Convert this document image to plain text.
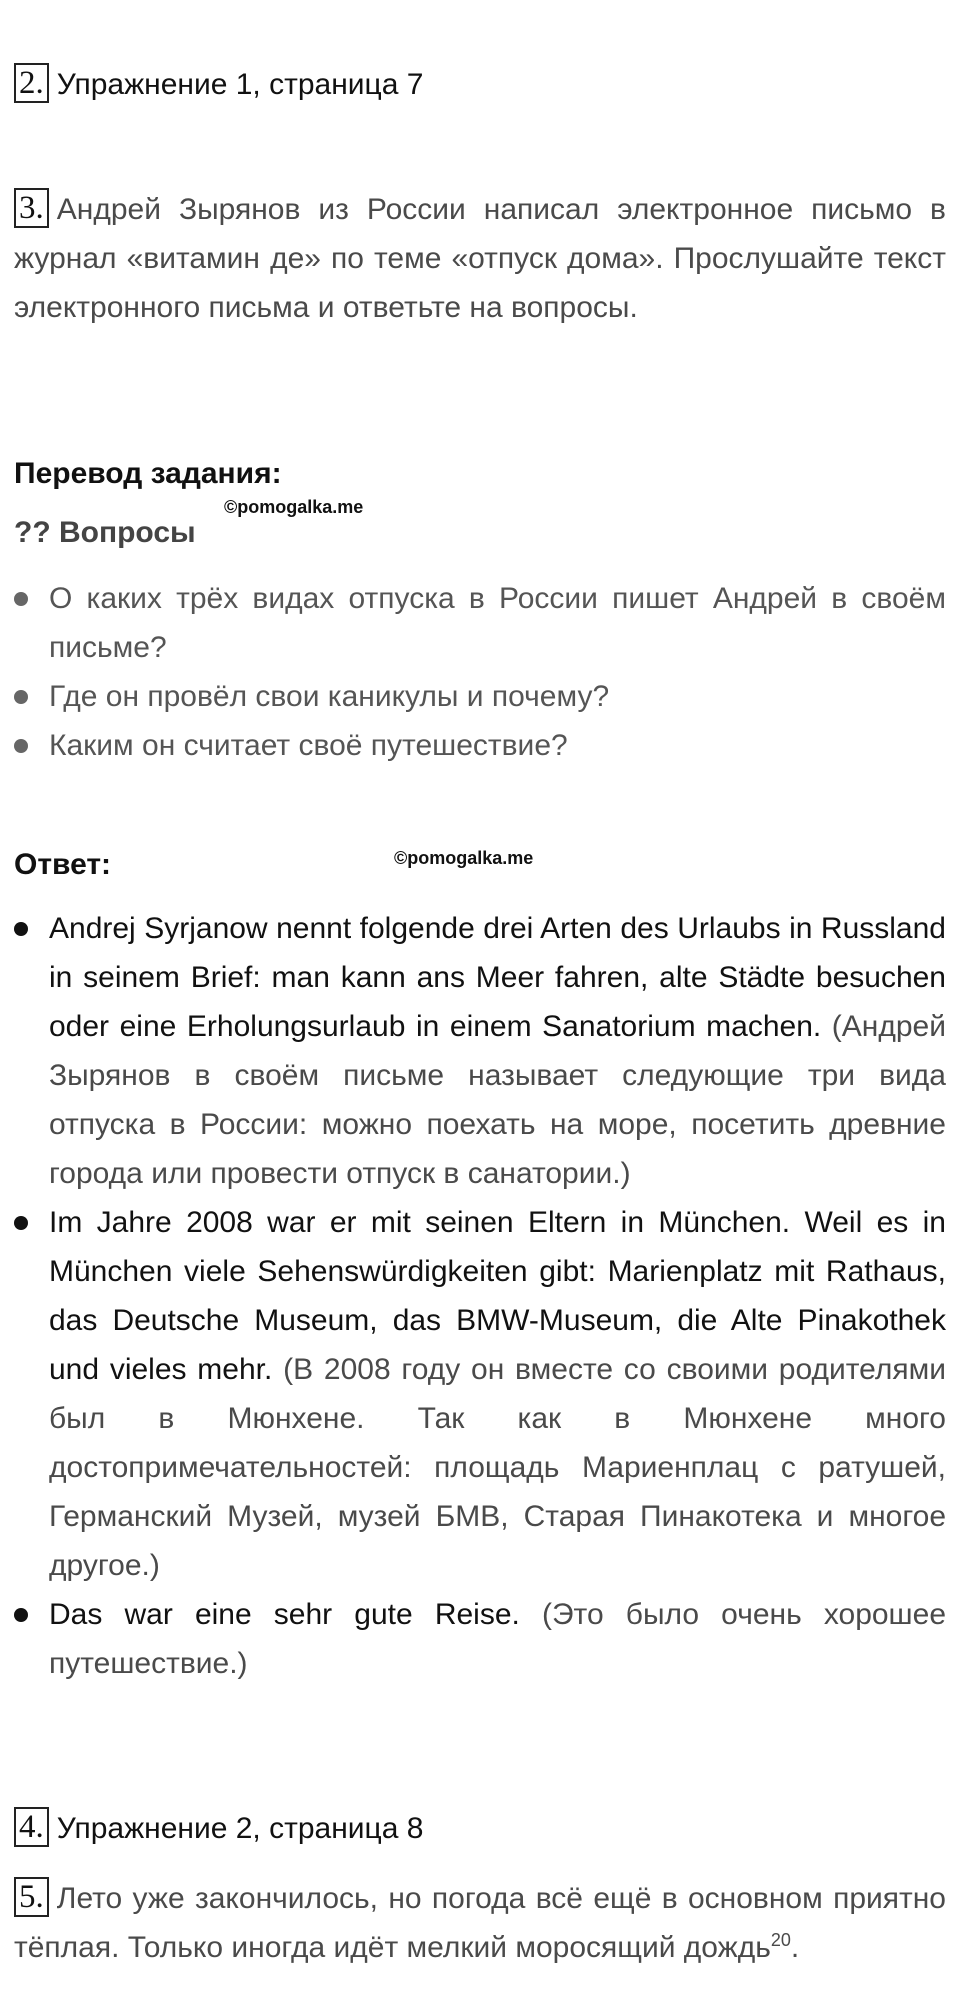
2. Упражнение 1, страница 7
3. Андрей Зырянов из России написал электронное письмо в журнал «витамин де» по теме «отпуск дома». Прослушайте текст электронного письма и ответьте на вопросы.
Перевод задания:
©pomogalka.me
?? Вопросы
О каких трёх видах отпуска в России пишет Андрей в своём письме?
Где он провёл свои каникулы и почему?
Каким он считает своё путешествие?
Ответ:	©pomogalka.me
Andrej Syrjanow nennt folgende drei Arten des Urlaubs in Russland in seinem Brief: man kann ans Meer fahren, alte Städte besuchen oder eine Erholungsurlaub in einem Sanatorium machen. (Андрей Зырянов в своём письме называет следующие три вида отпуска в России: можно поехать на море, посетить древние города или провести отпуск в санатории.)
Im Jahre 2008 war er mit seinen Eltern in München. Weil es in München viele Sehenswürdigkeiten gibt: Marienplatz mit Rathaus, das Deutsche Museum, das BMW-Museum, die Alte Pinakothek und vieles mehr. (В 2008 году он вместе со своими родителями был в Мюнхене. Так как в Мюнхене много достопримечательностей: площадь Мариенплац с ратушей, Германский Музей, музей БМВ, Старая Пинакотека и многое другое.)
Das war eine sehr gute Reise. (Это было очень хорошее путешествие.)
4. Упражнение 2, страница 8
5. Лето уже закончилось, но погода всё ещё в основном приятно тёплая. Только иногда идёт мелкий моросящий дождь$^{20}$.
